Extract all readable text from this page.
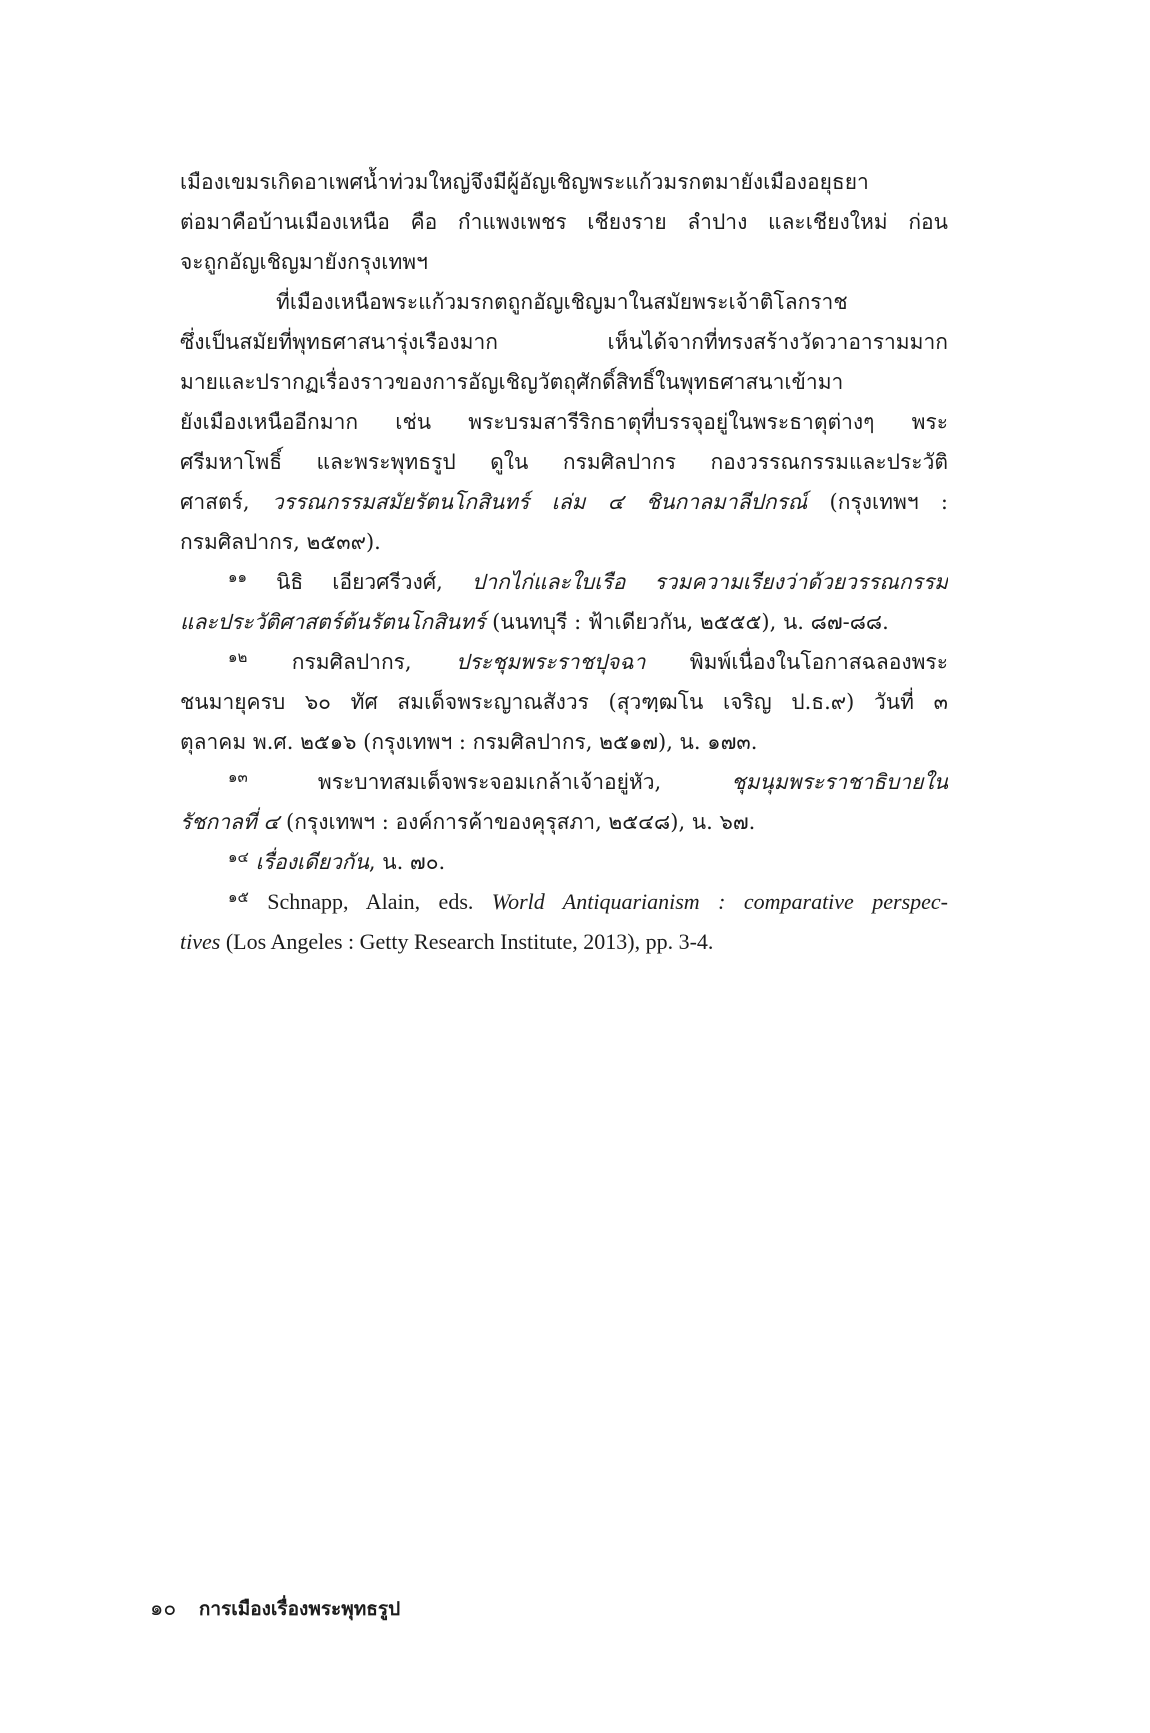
เมืองเขมรเกิดอาเพศน้ำท่วมใหญ่จึงมีผู้อัญเชิญพระแก้วมรกตมายังเมืองอยุธยา
ต่อมาคือบ้านเมืองเหนือ คือ กำแพงเพชร เชียงราย ลำปาง และเชียงใหม่ ก่อน
จะถูกอัญเชิญมายังกรุงเทพฯ
ที่เมืองเหนือพระแก้วมรกตถูกอัญเชิญมาในสมัยพระเจ้าติโลกราช
ซึ่งเป็นสมัยที่พุทธศาสนารุ่งเรืองมาก เห็นได้จากที่ทรงสร้างวัดวาอารามมาก
มายและปรากฏเรื่องราวของการอัญเชิญวัตถุศักดิ์สิทธิ์ในพุทธศาสนาเข้ามา
ยังเมืองเหนืออีกมาก เช่น พระบรมสารีริกธาตุที่บรรจุอยู่ในพระธาตุต่างๆ พระ
ศรีมหาโพธิ์ และพระพุทธรูป ดูใน กรมศิลปากร กองวรรณกรรมและประวัติ
ศาสตร์, วรรณกรรมสมัยรัตนโกสินทร์ เล่ม ๔ ชินกาลมาลีปกรณ์ (กรุงเทพฯ :
กรมศิลปากร, ๒๕๓๙).
$^{๑๑}$ นิธิ เอียวศรีวงศ์, ปากไก่และใบเรือ รวมความเรียงว่าด้วยวรรณกรรม
และประวัติศาสตร์ต้นรัตนโกสินทร์ (นนทบุรี : ฟ้าเดียวกัน, ๒๕๕๕), น. ๘๗-๘๘.
$^{๑๒}$ กรมศิลปากร, ประชุมพระราชปุจฉา พิมพ์เนื่องในโอกาสฉลองพระ
ชนมายุครบ ๖๐ ทัศ สมเด็จพระญาณสังวร (สุวฑฺฒโน เจริญ ป.ธ.๙) วันที่ ๓
ตุลาคม พ.ศ. ๒๕๑๖ (กรุงเทพฯ : กรมศิลปากร, ๒๕๑๗), น. ๑๗๓.
$^{๑๓}$ พระบาทสมเด็จพระจอมเกล้าเจ้าอยู่หัว, ชุมนุมพระราชาธิบายใน
รัชกาลที่ ๔ (กรุงเทพฯ : องค์การค้าของคุรุสภา, ๒๕๔๘), น. ๖๗.
$^{๑๔}$ เรื่องเดียวกัน, น. ๗๐.
$^{๑๕}$ Schnapp, Alain, eds. World Antiquarianism : comparative perspec-
tives (Los Angeles : Getty Research Institute, 2013), pp. 3-4.
๑๐ การเมืองเรื่องพระพุทธรูป
